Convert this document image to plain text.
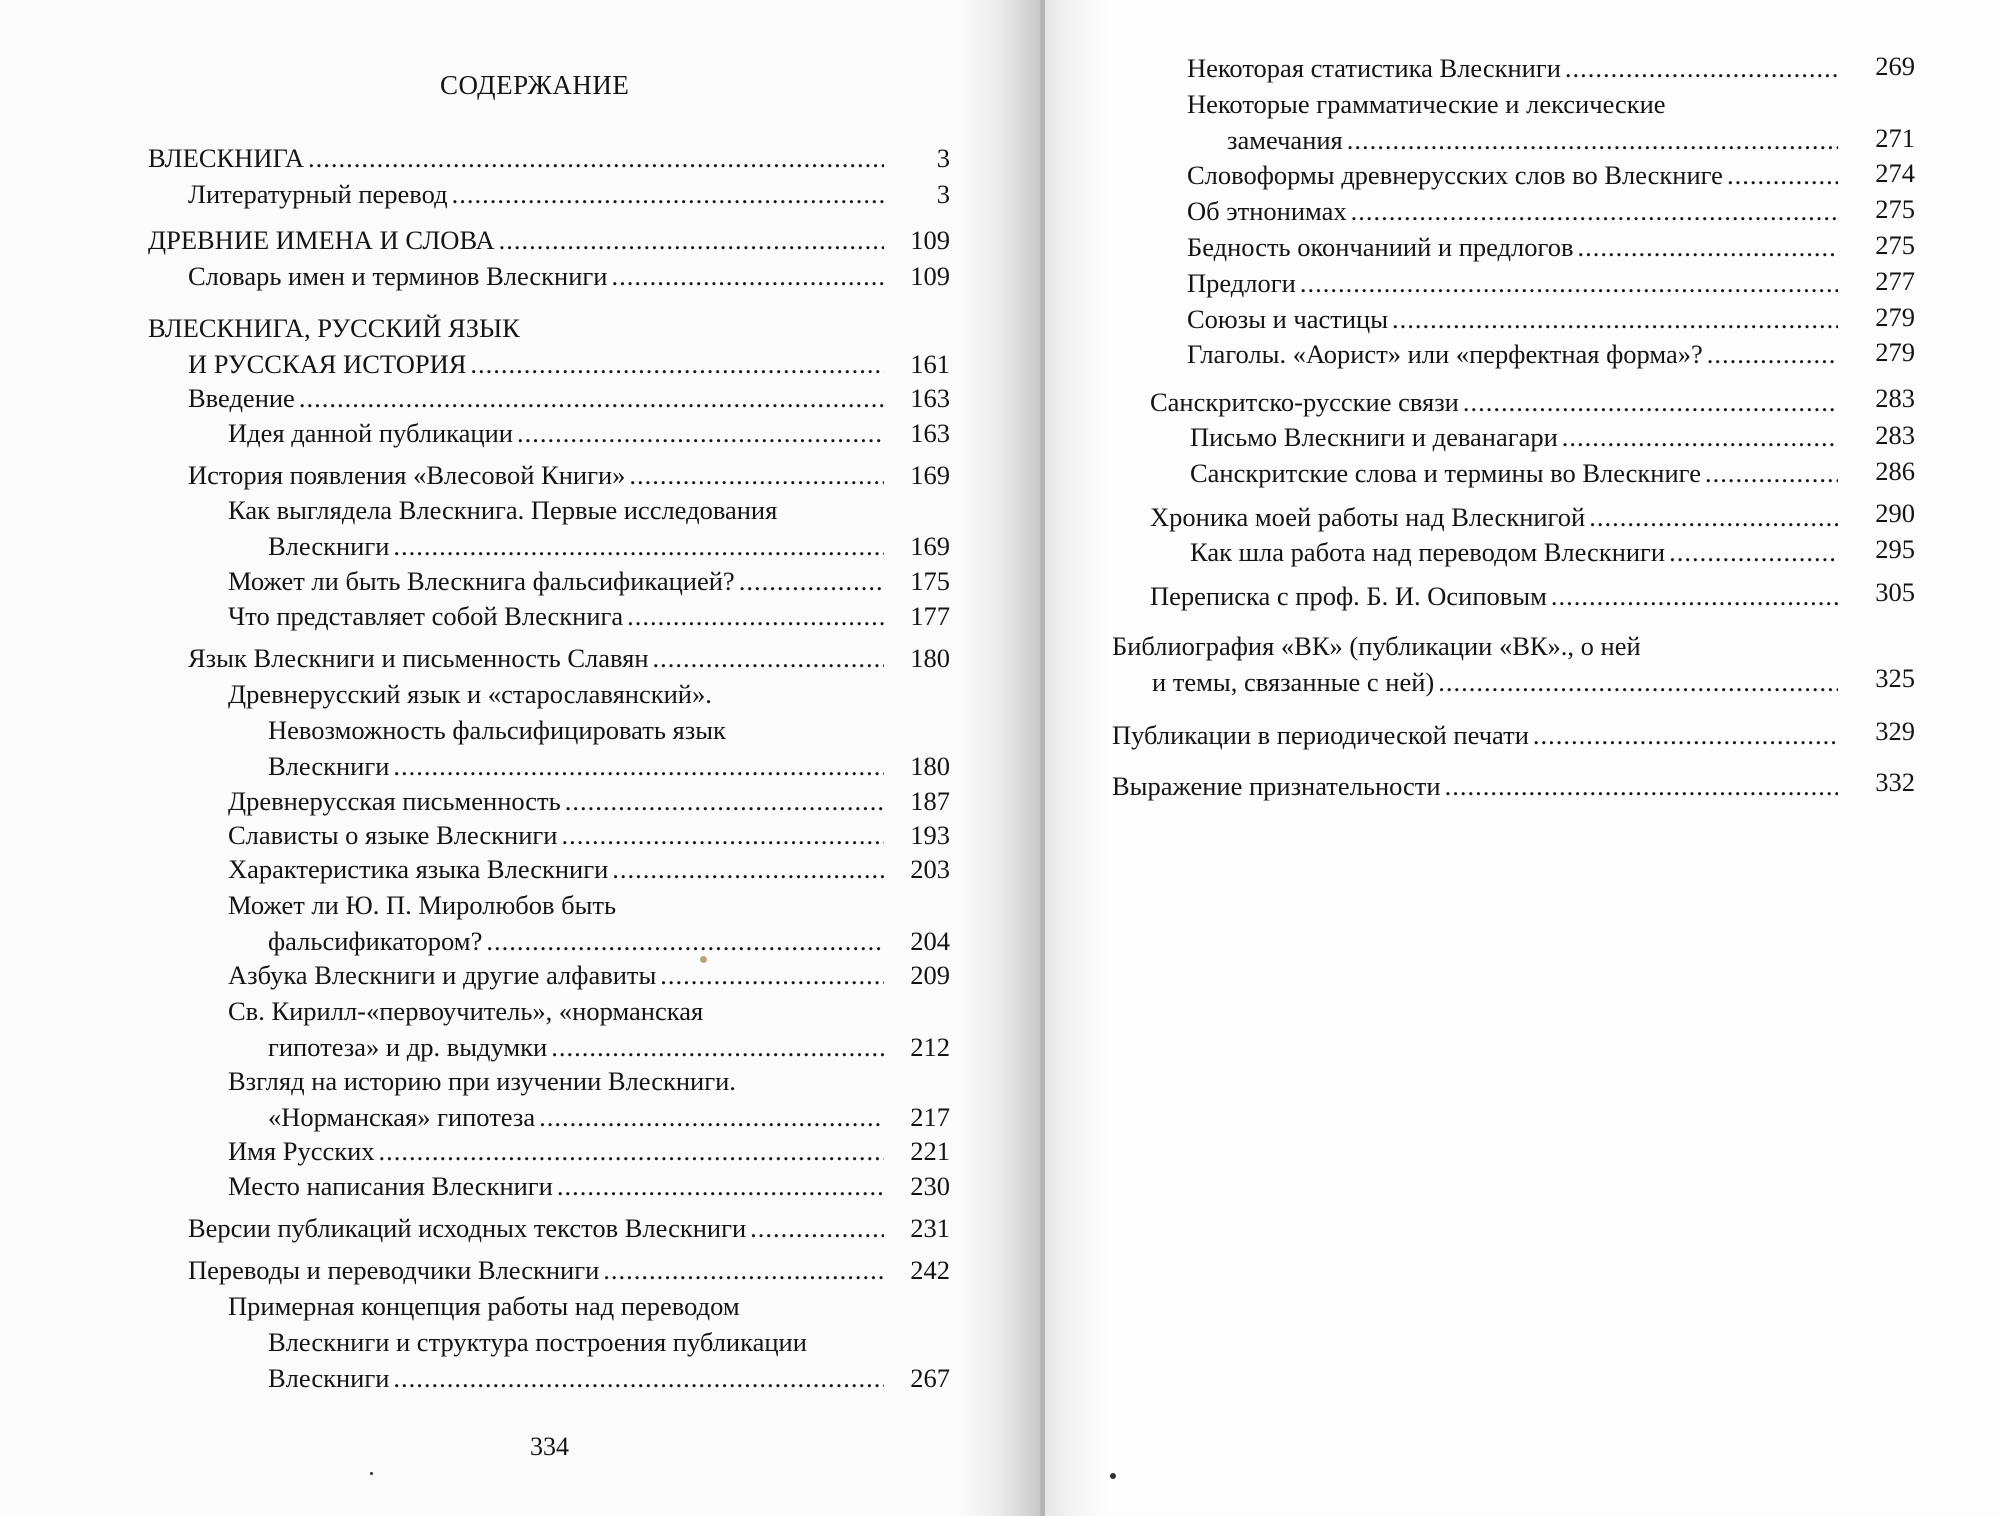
СОДЕРЖАНИЕ
ВЛЕСКНИГА .....	3
Литературный перевод .....	3
ДРЕВНИЕ ИМЕНА И СЛОВА .....	109
Словарь имен и терминов Влескниги .....	109
ВЛЕСКНИГА, РУССКИЙ ЯЗЫК
И РУССКАЯ ИСТОРИЯ .....	161
Введение .....	163
Идея данной публикации .....	163
История появления «Влесовой Книги» .....	169
Как выглядела Влескнига. Первые исследования
Влескниги .....	169
Может ли быть Влескнига фальсификацией? .....	175
Что представляет собой Влескнига .....	177
Язык Влескниги и письменность Славян .....	180
Древнерусский язык и «старославянский».
Невозможность фальсифицировать язык
Влескниги .....	180
Древнерусская письменность .....	187
Слависты о языке Влескниги .....	193
Характеристика языка Влескниги .....	203
Может ли Ю. П. Миролюбов быть
фальсификатором? .....	204
Азбука Влескниги и другие алфавиты .....	209
Св. Кирилл-«первоучитель», «норманская
гипотеза» и др. выдумки .....	212
Взгляд на историю при изучении Влескниги.
«Норманская» гипотеза .....	217
Имя Русских .....	221
Место написания Влескниги .....	230
Версии публикаций исходных текстов Влескниги .....	231
Переводы и переводчики Влескниги .....	242
Примерная концепция работы над переводом
Влескниги и структура построения публикации
Влескниги .....	267
334
Некоторая статистика Влескниги .....	269
Некоторые грамматические и лексические
замечания .....	271
Словоформы древнерусских слов во Влескниге .....	274
Об этнонимах .....	275
Бедность окончаниий и предлогов .....	275
Предлоги .....	277
Союзы и частицы .....	279
Глаголы. «Аорист» или «перфектная форма»? .....	279
Санскритско-русские связи .....	283
Письмо Влескниги и деванагари .....	283
Санскритские слова и термины во Влескниге .....	286
Хроника моей работы над Влескнигой .....	290
Как шла работа над переводом Влескниги .....	295
Переписка с проф. Б. И. Осиповым .....	305
Библиография «ВК» (публикации «ВК»., о ней
и темы, связанные с ней) .....	325
Публикации в периодической печати .....	329
Выражение признательности .....	332
